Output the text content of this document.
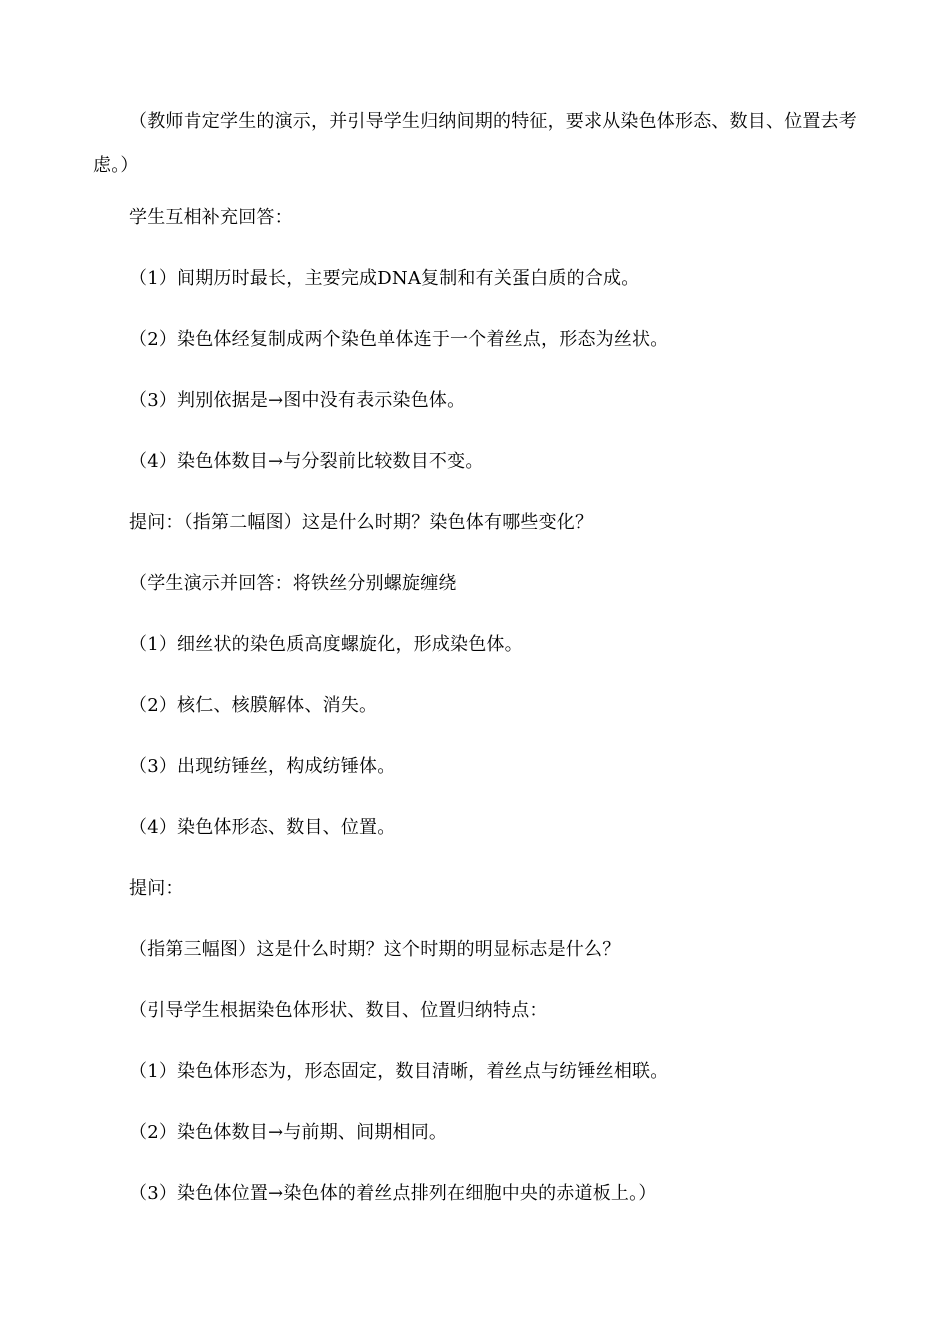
（教师肯定学生的演示，并引导学生归纳间期的特征，要求从染色体形态、数目、位置去考虑。）
学生互相补充回答：
（1）间期历时最长，主要完成DNA复制和有关蛋白质的合成。
（2）染色体经复制成两个染色单体连于一个着丝点，形态为丝状。
（3）判别依据是→图中没有表示染色体。
（4）染色体数目→与分裂前比较数目不变。
提问：（指第二幅图）这是什么时期？染色体有哪些变化？
（学生演示并回答：将铁丝分别螺旋缠绕
（1）细丝状的染色质高度螺旋化，形成染色体。
（2）核仁、核膜解体、消失。
（3）出现纺锤丝，构成纺锤体。
（4）染色体形态、数目、位置。
提问：
（指第三幅图）这是什么时期？这个时期的明显标志是什么？
（引导学生根据染色体形状、数目、位置归纳特点：
（1）染色体形态为，形态固定，数目清晰，着丝点与纺锤丝相联。
（2）染色体数目→与前期、间期相同。
（3）染色体位置→染色体的着丝点排列在细胞中央的赤道板上。）
